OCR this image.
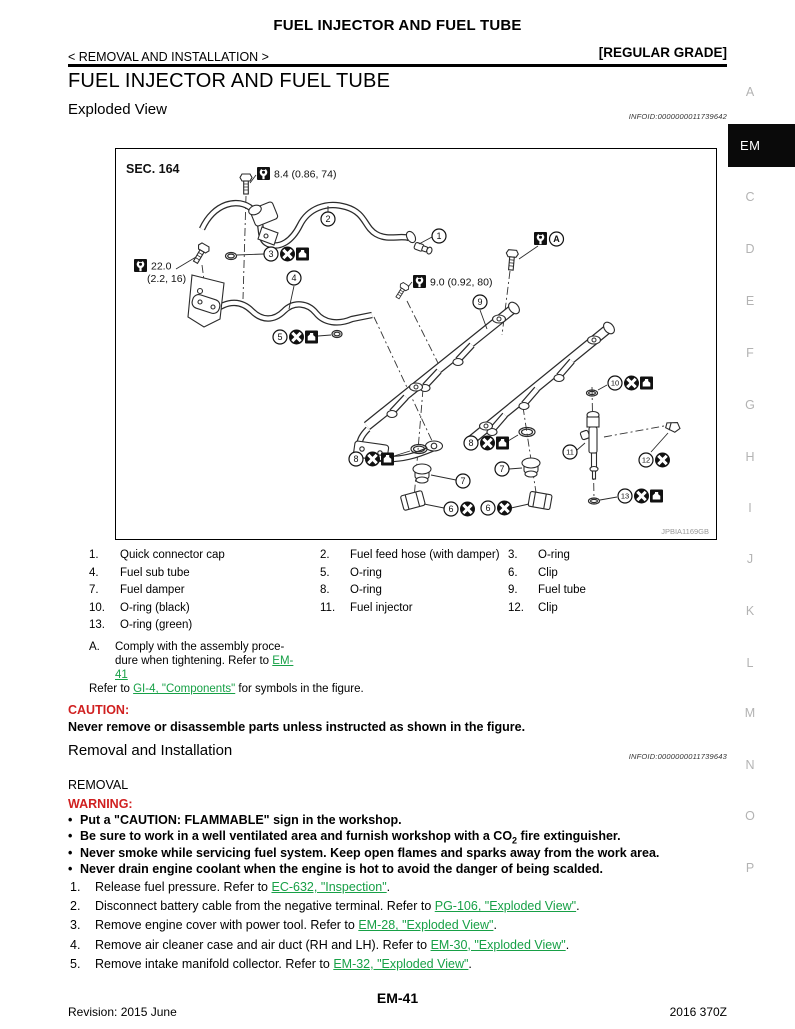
FUEL INJECTOR AND FUEL TUBE
< REMOVAL AND INSTALLATION >	[REGULAR GRADE]
FUEL INJECTOR AND FUEL TUBE
Exploded View	INFOID:0000000011739642
SEC. 164
JPBIA1169GB
8.4 (0.86, 74)
22.0
(2.2, 16)	9.0 (0.92, 80)
A
1
2
3
4
5
9
10
8
8
7
7
6	6
11
12
13
1.	Quick connector cap	2.	Fuel feed hose (with damper) 3.	O-ring
4.	Fuel sub tube	5.	O-ring	6.	Clip
7.	Fuel damper	8.	O-ring	9.	Fuel tube
10.	O-ring (black)	11.	Fuel injector	12.	Clip
13.	O-ring (green)
A.	Comply with the assembly proce-
dure when tightening. Refer to EM-41
Refer to GI-4, "Components" for symbols in the figure.
CAUTION:
Never remove or disassemble parts unless instructed as shown in the figure.
Removal and Installation	INFOID:0000000011739643
REMOVAL
WARNING:
• Put a "CAUTION: FLAMMABLE" sign in the workshop.
• Be sure to work in a well ventilated area and furnish workshop with a $CO_2$ fire extinguisher.
• Never smoke while servicing fuel system. Keep open flames and sparks away from the work area.
• Never drain engine coolant when the engine is hot to avoid the danger of being scalded.
1. Release fuel pressure. Refer to EC-632, "Inspection".
2. Disconnect battery cable from the negative terminal. Refer to PG-106, "Exploded View".
3. Remove engine cover with power tool. Refer to EM-28, "Exploded View".
4. Remove air cleaner case and air duct (RH and LH). Refer to EM-30, "Exploded View".
5. Remove intake manifold collector. Refer to EM-32, "Exploded View".
EM-41
Revision: 2015 June	2016 370Z
EM
A
C
D
E
F
G
H
I
J
K
L
M
N
O
P
